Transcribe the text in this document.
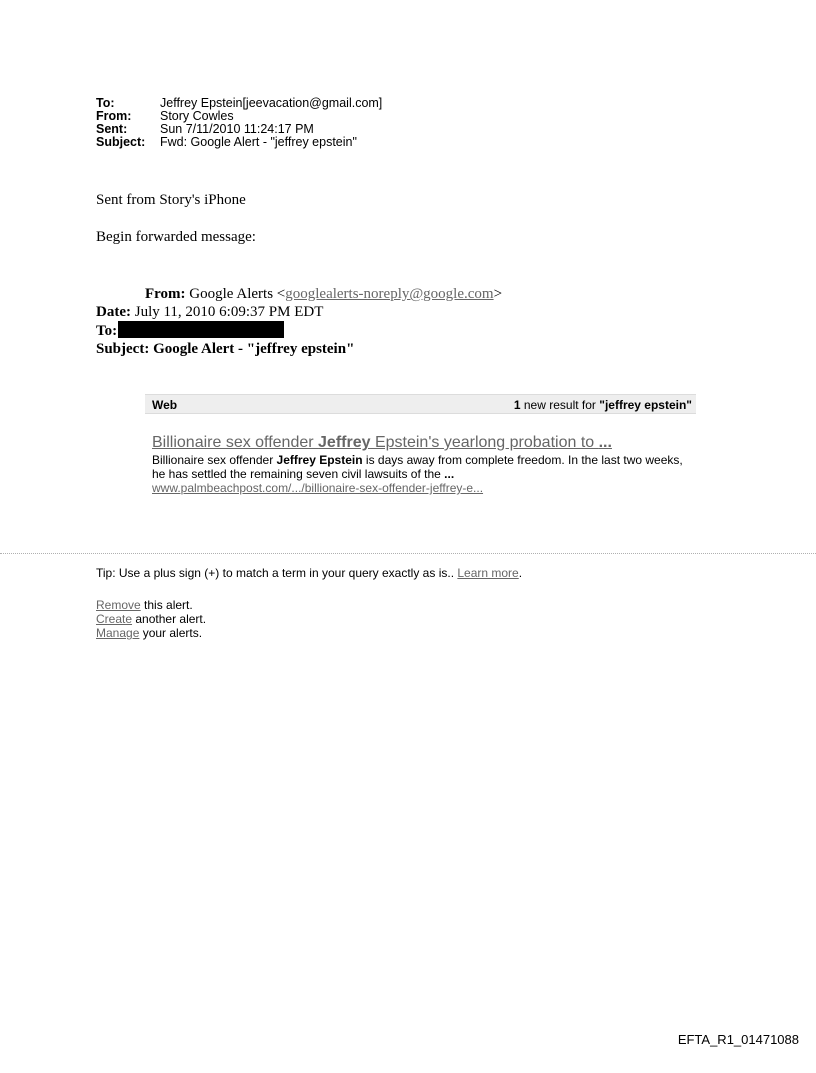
To:	Jeffrey Epstein[jeevacation@gmail.com]
From:	Story Cowles
Sent:	Sun 7/11/2010 11:24:17 PM
Subject:	Fwd: Google Alert - "jeffrey epstein"
Sent from Story's iPhone
Begin forwarded message:
From: Google Alerts <googlealerts-noreply@google.com>
Date: July 11, 2010 6:09:37 PM EDT
To:
Subject: Google Alert - "jeffrey epstein"
Web	1 new result for "jeffrey epstein"
Billionaire sex offender Jeffrey Epstein's yearlong probation to ...
Billionaire sex offender Jeffrey Epstein is days away from complete freedom. In the last two weeks, he has settled the remaining seven civil lawsuits of the ...
www.palmbeachpost.com/.../billionaire-sex-offender-jeffrey-e...
Tip: Use a plus sign (+) to match a term in your query exactly as is.. Learn more.
Remove this alert.
Create another alert.
Manage your alerts.
EFTA_R1_01471088
